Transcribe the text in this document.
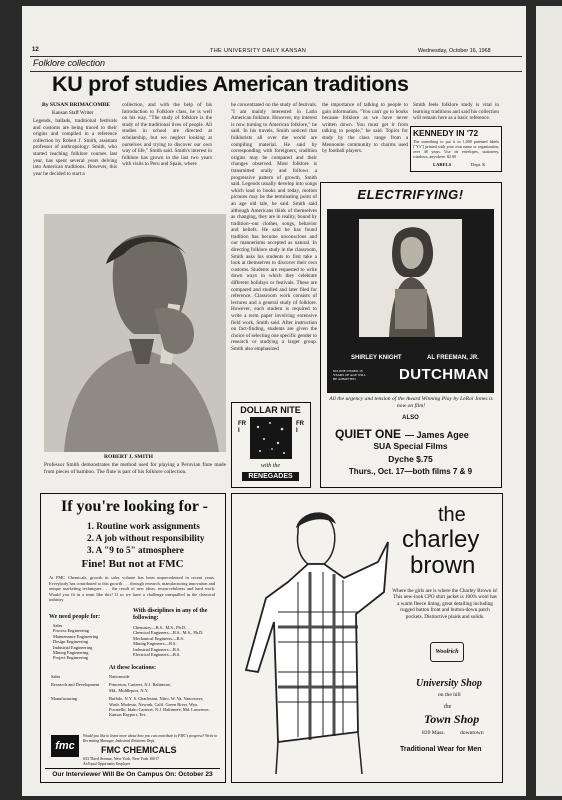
12	THE UNIVERSITY DAILY KANSAN	Wednesday, October 16, 1968
Folklore collection
KU prof studies American traditions
By SUSAN BRIMACOMBE
Kansan Staff Writer
Legends, ballads, traditional festivals and customs are being traced to their origins and compiled in a reference collection by Robert J. Smith, assistant professor of anthropology. Smith, who started teaching folklore courses last year, has spent several years delving into American traditions. However, this year he decided to start a
collection, and with the help of his Introduction to Folklore class, he is well on his way. "The study of folklore is the study of the traditional lives of people. All studies in school are directed at scholarship, but we neglect looking at ourselves and trying to discover our own way of life," Smith said. Smith's interest in folklore has grown in the last two years with visits to Peru and Spain, where
he concentrated on the study of festivals. "I am mainly interested in Latin American folklore. However, my interest is now turning to American folklore," he said. In his travels, Smith noticed that folklorists all over the world are compiling material. He said by corresponding with foreigners, tradition origins may be compared and their changes observed. Most folklore is transmitted orally and follows a progressive pattern of growth, Smith said. Legends usually develop into songs which lead to books and today, motion pictures may be the terminating point of an age old tale, he said. Smith said although Americans think of themselves as changing, they are in reality, bound by tradition--our clothes, songs, behavior and beliefs. He said he has found tradition has become unconscious and our mannerisms accepted as natural. In directing folklore study in the classroom, Smith asks his students to first take a look at themselves to discover their own customs. Students are requested to write down ways in which they celebrate different holidays or festivals. These are compared and studied and later filed for reference. Classroom work consists of lectures and a general study of folklore. However, each student is required to write a term paper involving extensive field work, Smith said. After instruction on fact-finding, students are given the choice of selecting one specific gender to research or studying a larger group. Smith also emphasized
the importance of talking to people to gain information. "You can't go to books because folklore as we have never written down. You must get it from talking to people," he said. Topics for study by the class range from a Mennonite community to charms used by football players.
Smith feels folklore study is vital in learning traditions and said his collection will remain here as a basic reference.
ROBERT J. SMITH
Professor Smith demonstrates the method used for playing a Peruvian flute made from pieces of bamboo. The flute is part of his folklore collection.
KENNEDY IN '72
The something to put it in 1,000 patented labels ("Y's") printed with your own name or organization, over 48 years. Use on envelopes, stationery, windows, anywhere. $2.00
LABELS	Dept. K
ELECTRIFYING!
SHIRLEY KNIGHT	AL FREEMAN, JR.
NO ONE UNDER 18 YEARS OF AGE WILL BE ADMITTED	DUTCHMAN
All the urgency and tension of the Award Winning Play by LeRoi Jones is now on film!
ALSO
QUIET ONE — James Agee
SUA Special Films
Dyche $.75
Thurs., Oct. 17—both films 7 & 9
DOLLAR NITE
FRI
FRI
with the
RENEGADES
If you're looking for -
1. Routine work assignments
2. A job without responsibility
3. A "9 to 5" atmosphere
Fine! But not at FMC
At FMC Chemicals, growth in sales volume has been unprecedented in recent years. Everybody has contributed to this growth . . . through research, manufacturing innovation and unique marketing techniques . . . the result of new ideas, resourcefulness and hard work. Would you fit in a team like this? If so we have a challenge unequalled in the chemical industry.
We need people for:
Sales
Process Engineering
Maintenance Engineering
Design Engineering
Industrial Engineering
Mining Engineering
Project Engineering
With disciplines in any of the following:
Chemistry—B.S., M.S., Ph.D.
Chemical Engineers—B.S., M.S., Ph.D.
Mechanical Engineers—B.S.
Mining Engineers—B.S.
Industrial Engineers—B.S.
Electrical Engineers—B.S.
At these locations:
Sales	Nationwide
Research and Development	Princeton, Carteret, N.J. Baltimore, Md., Middleport, N.Y.
Manufacturing	Buffalo, N.Y. S. Charleston, Nitro, W. Va. Vancouver, Wash. Modesto, Newark, Calif. Green River, Wyo. Pocatello, Idaho Carteret, N.J. Baltimore, Md. Lawrence, Kansas Bayport, Tex.
fmc
Would you like to learn more about how you can contribute to FMC's progress? Write to Recruiting Manager, Industrial Relations Dept.
FMC CHEMICALS
633 Third Avenue, New York, New York 10017
An Equal Opportunity Employer
Our Interviewer Will Be On Campus On: October 23
the
charley
brown
Where the girls are is where the Charley Brown is! This new-look CPO shirt jacket is 100% wool has a warm fleece lining, great detailing including rugged button front and button-down patch pockets. Distinctive plaids and solids.
Woolrich
University Shop
on the hill
the
Town Shop
839 Mass.	downtown
Traditional Wear for Men
